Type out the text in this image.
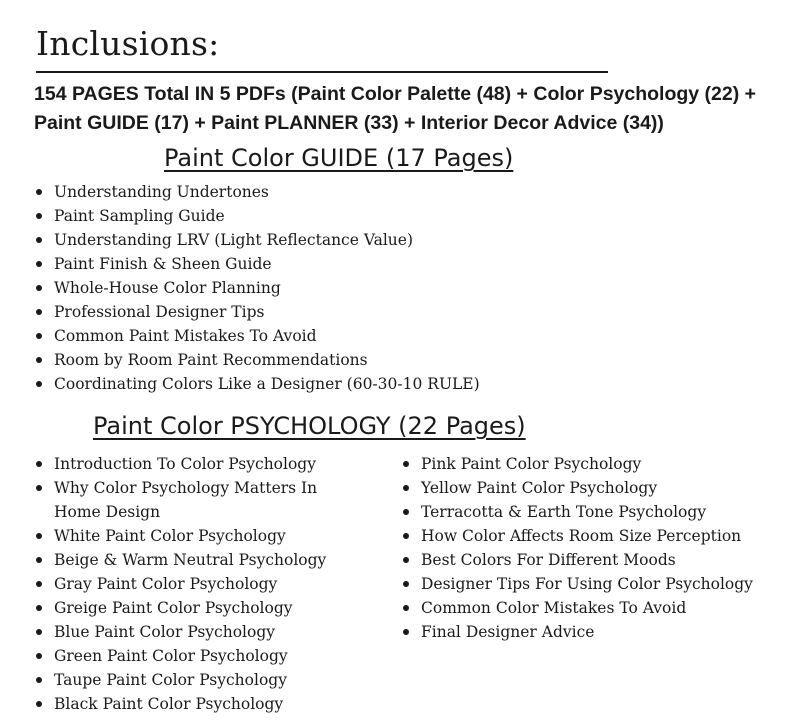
Inclusions:

154 PAGES Total IN 5 PDFs (Paint Color Palette (48) + Color Psychology (22) + Paint GUIDE (17) + Paint PLANNER (33) + Interior Decor Advice (34))

Paint Color GUIDE (17 Pages)
Understanding Undertones
Paint Sampling Guide
Understanding LRV (Light Reflectance Value)
Paint Finish & Sheen Guide
Whole-House Color Planning
Professional Designer Tips
Common Paint Mistakes To Avoid
Room by Room Paint Recommendations
Coordinating Colors Like a Designer (60-30-10 RULE)
Paint Color PSYCHOLOGY (22 Pages)
Introduction To Color Psychology
Why Color Psychology Matters In Home Design
White Paint Color Psychology
Beige & Warm Neutral Psychology
Gray Paint Color Psychology
Greige Paint Color Psychology
Blue Paint Color Psychology
Green Paint Color Psychology
Taupe Paint Color Psychology
Black Paint Color Psychology
Pink Paint Color Psychology
Yellow Paint Color Psychology
Terracotta & Earth Tone Psychology
How Color Affects Room Size Perception
Best Colors For Different Moods
Designer Tips For Using Color Psychology
Common Color Mistakes To Avoid
Final Designer Advice
